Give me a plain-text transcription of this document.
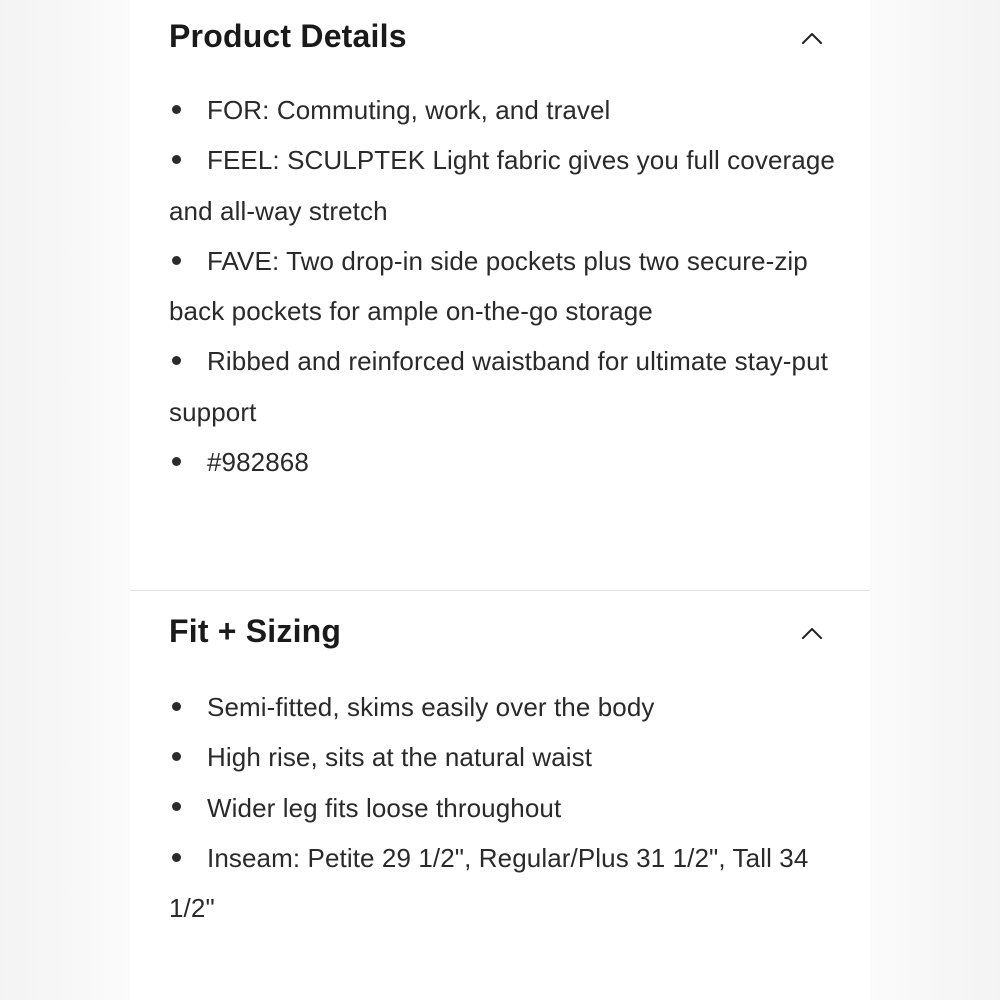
Product Details
FOR: Commuting, work, and travel
FEEL: SCULPTEK Light fabric gives you full coverage and all-way stretch
FAVE: Two drop-in side pockets plus two secure-zip back pockets for ample on-the-go storage
Ribbed and reinforced waistband for ultimate stay-put support
#982868
Fit + Sizing
Semi-fitted, skims easily over the body
High rise, sits at the natural waist
Wider leg fits loose throughout
Inseam: Petite 29 1/2", Regular/Plus 31 1/2", Tall 34 1/2"
